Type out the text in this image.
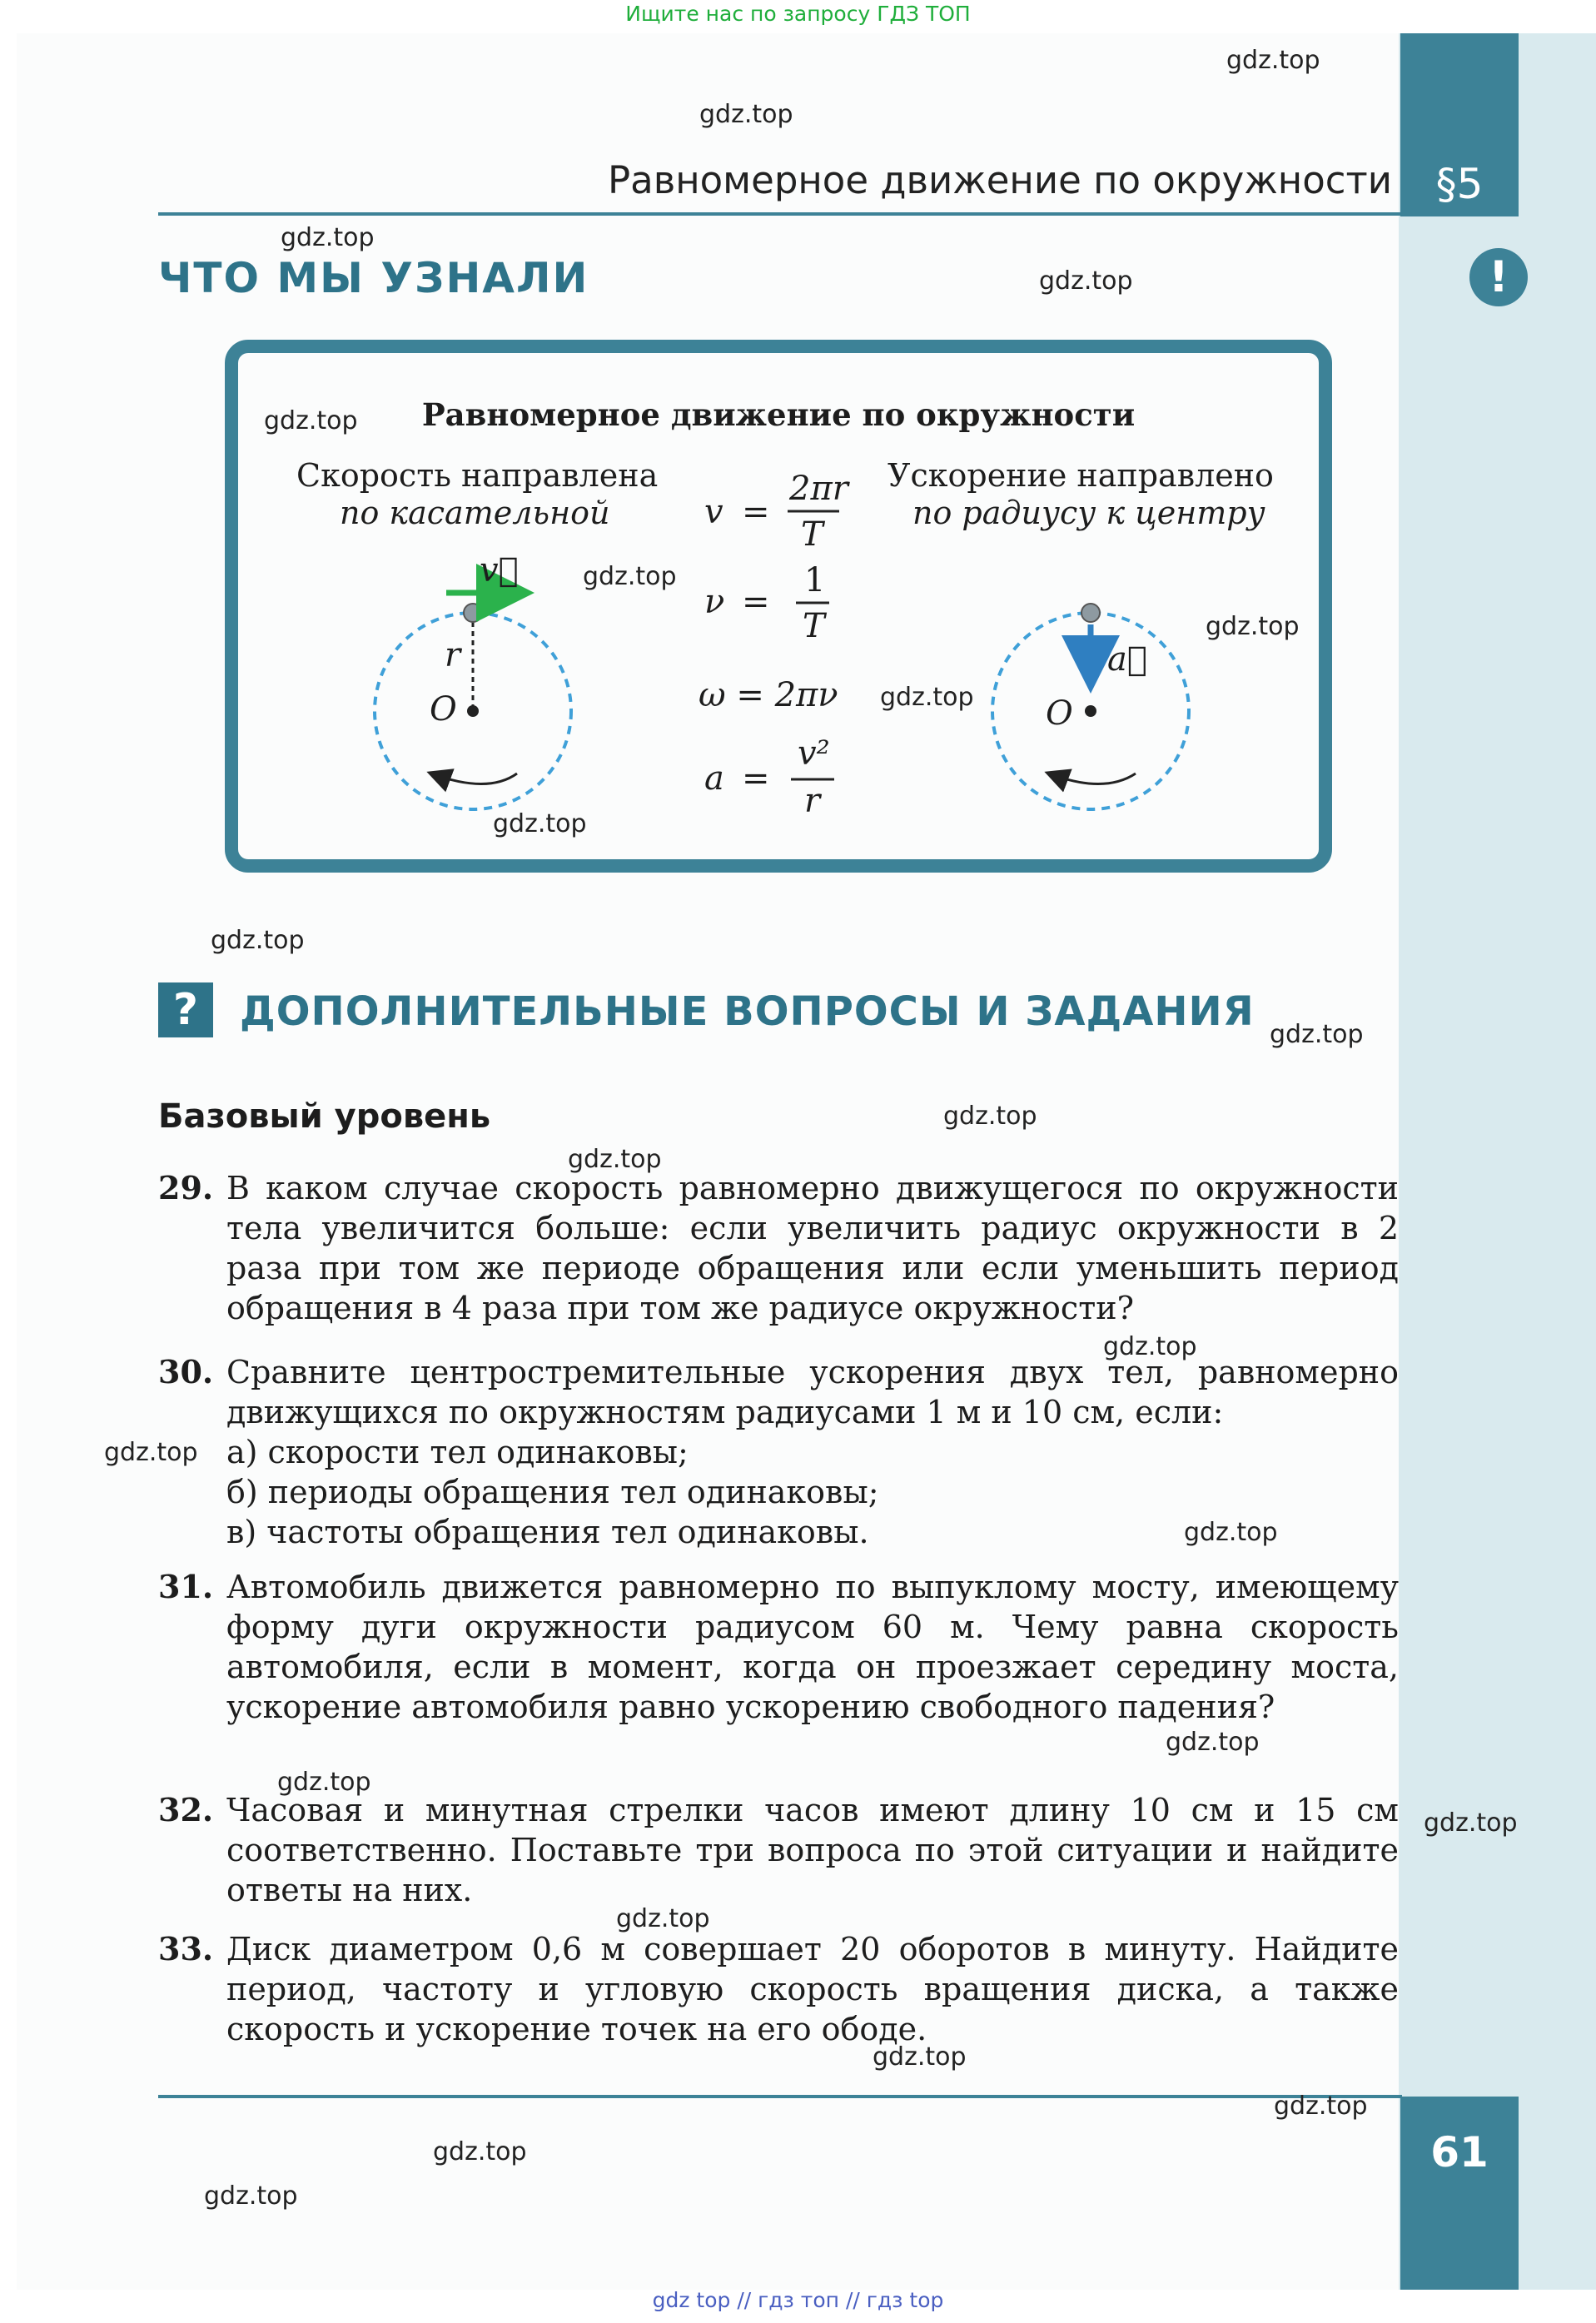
Ищите нас по запросу ГДЗ ТОП
§5
Равномерное движение по окружности
ЧТО МЫ УЗНАЛИ	!
Равномерное движение по окружности
Скорость направлена
по касательной
Ускорение направлено
по радиусу к центру
v⃗
r
O
a⃗
O
v =
2πr
T
ν =
1
T
ω = 2πν
a =
v²
r
?	ДОПОЛНИТЕЛЬНЫЕ ВОПРОСЫ И ЗАДАНИЯ
Базовый уровень
29. В каком случае скорость равномерно движущегося по окружности тела увеличится больше: если увеличить радиус окружности в 2 раза при том же периоде обращения или если уменьшить период обращения в 4 раза при том же радиусе окружности?
30. Сравните центростремительные ускорения двух тел, равномерно движущихся по окружностям радиусами 1 м и 10 см, если:
а) скорости тел одинаковы;
б) периоды обращения тел одинаковы;
в) частоты обращения тел одинаковы.
31. Автомобиль движется равномерно по выпуклому мосту, имеющему форму дуги окружности радиусом 60 м. Чему равна скорость автомобиля, если в момент, когда он проезжает середину моста, ускорение автомобиля равно ускорению свободного падения?
32. Часовая и минутная стрелки часов имеют длину 10 см и 15 см соответственно. Поставьте три вопроса по этой ситуации и найдите ответы на них.
33. Диск диаметром 0,6 м совершает 20 оборотов в минуту. Найдите период, частоту и угловую скорость вращения диска, а также скорость и ускорение точек на его ободе.
61
gdz.top
gdz.top
gdz.top
gdz.top
gdz.top
gdz.top
gdz.top
gdz.top
gdz.top
gdz.top
gdz.top
gdz.top
gdz.top
gdz.top
gdz.top
gdz.top
gdz.top
gdz.top
gdz.top
gdz.top
gdz.top
gdz.top
gdz.top
gdz.top
gdz top // гдз топ // гдз top
